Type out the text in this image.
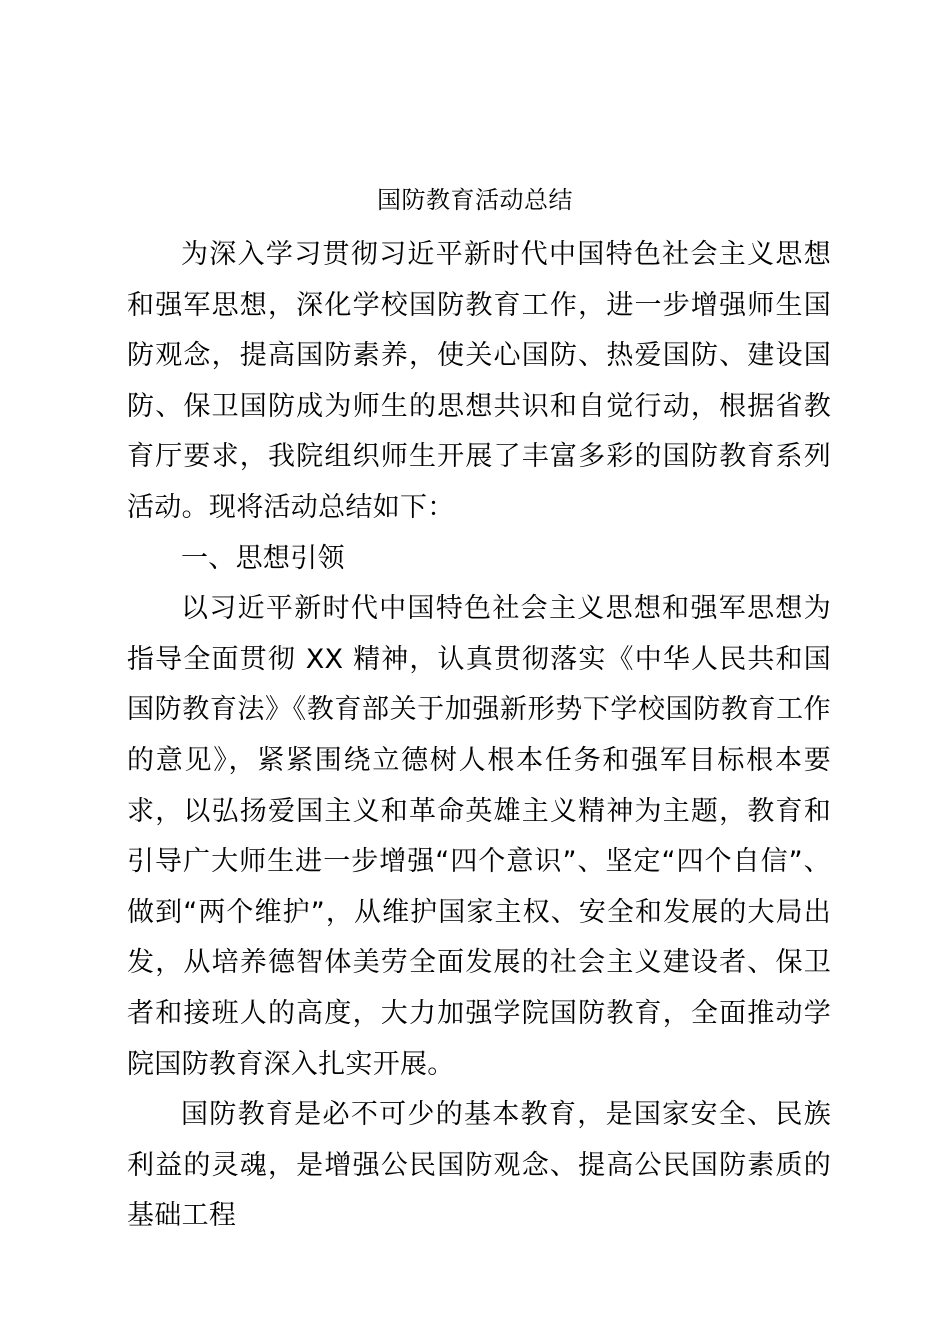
国防教育活动总结

为深入学习贯彻习近平新时代中国特色社会主义思想和强军思想，深化学校国防教育工作，进一步增强师生国防观念，提高国防素养，使关心国防、热爱国防、建设国防、保卫国防成为师生的思想共识和自觉行动，根据省教育厅要求，我院组织师生开展了丰富多彩的国防教育系列活动。现将活动总结如下：

一、思想引领

以习近平新时代中国特色社会主义思想和强军思想为指导全面贯彻 XX 精神，认真贯彻落实《中华人民共和国国防教育法》《教育部关于加强新形势下学校国防教育工作的意见》，紧紧围绕立德树人根本任务和强军目标根本要求，以弘扬爱国主义和革命英雄主义精神为主题，教育和引导广大师生进一步增强“四个意识”、坚定“四个自信”、做到“两个维护”，从维护国家主权、安全和发展的大局出发，从培养德智体美劳全面发展的社会主义建设者、保卫者和接班人的高度，大力加强学院国防教育，全面推动学院国防教育深入扎实开展。

国防教育是必不可少的基本教育，是国家安全、民族利益的灵魂，是增强公民国防观念、提高公民国防素质的基础工程
